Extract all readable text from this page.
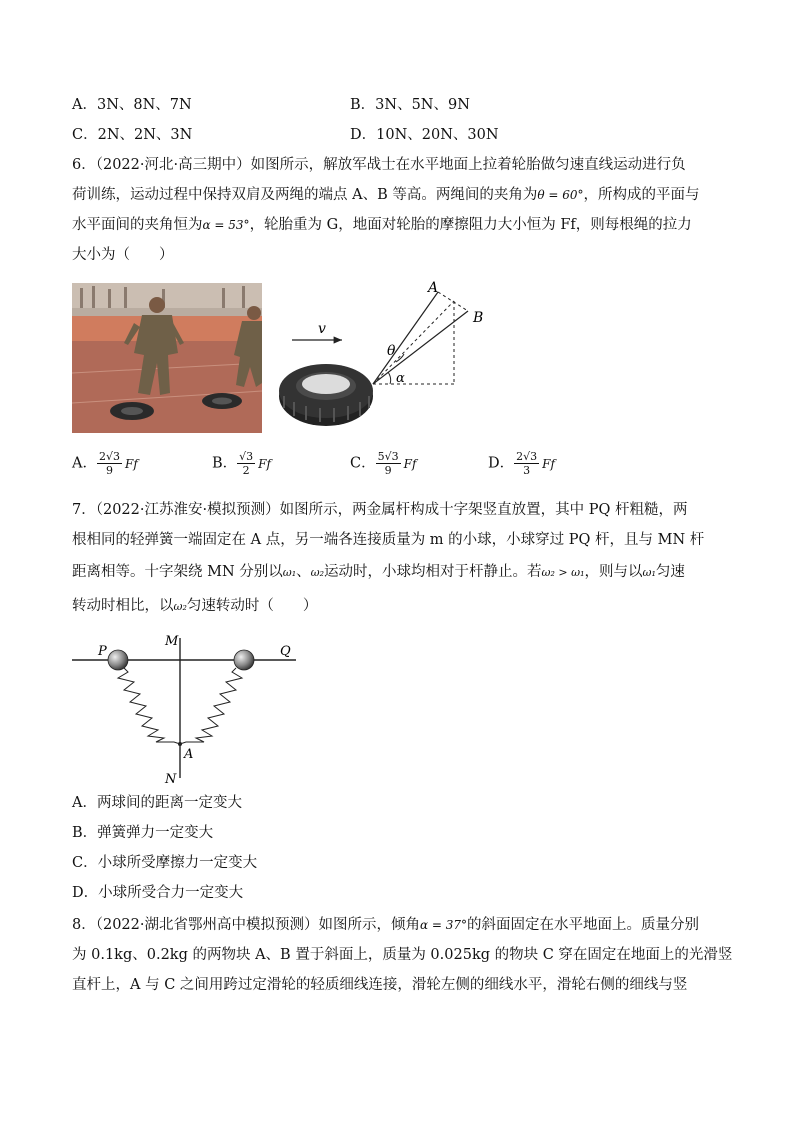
A．3N、8N、7N	B．3N、5N、9N
C．2N、2N、3N	D．10N、20N、30N
6．（2022·河北·高三期中）如图所示，解放军战士在水平地面上拉着轮胎做匀速直线运动进行负
荷训练，运动过程中保持双肩及两绳的端点 A、B 等高。两绳间的夹角为θ = 60°，所构成的平面与
水平面间的夹角恒为α = 53°，轮胎重为 G，地面对轮胎的摩擦阻力大小恒为 Ff，则每根绳的拉力
大小为（　　）
v
A
B
θ
α
A． $\frac{2√3}{9}$ Ff	B． $\frac{√3}{2}$ Ff	C． $\frac{5√3}{9}$ Ff	D． $\frac{2√3}{3}$ Ff
7．（2022·江苏淮安·模拟预测）如图所示，两金属杆构成十字架竖直放置，其中 PQ 杆粗糙，两
根相同的轻弹簧一端固定在 A 点，另一端各连接质量为 m 的小球，小球穿过 PQ 杆，且与 MN 杆
距离相等。十字架绕 MN 分别以ω₁、ω₂运动时，小球均相对于杆静止。若ω₂ > ω₁，则与以ω₁匀速
转动时相比，以ω₂匀速转动时（　　）
M
N
P	Q
A
A．两球间的距离一定变大
B．弹簧弹力一定变大
C．小球所受摩擦力一定变大
D．小球所受合力一定变大
8．（2022·湖北省鄂州高中模拟预测）如图所示，倾角α = 37°的斜面固定在水平地面上。质量分别
为 0.1kg、0.2kg 的两物块 A、B 置于斜面上，质量为 0.025kg 的物块 C 穿在固定在地面上的光滑竖
直杆上，A 与 C 之间用跨过定滑轮的轻质细线连接，滑轮左侧的细线水平，滑轮右侧的细线与竖
